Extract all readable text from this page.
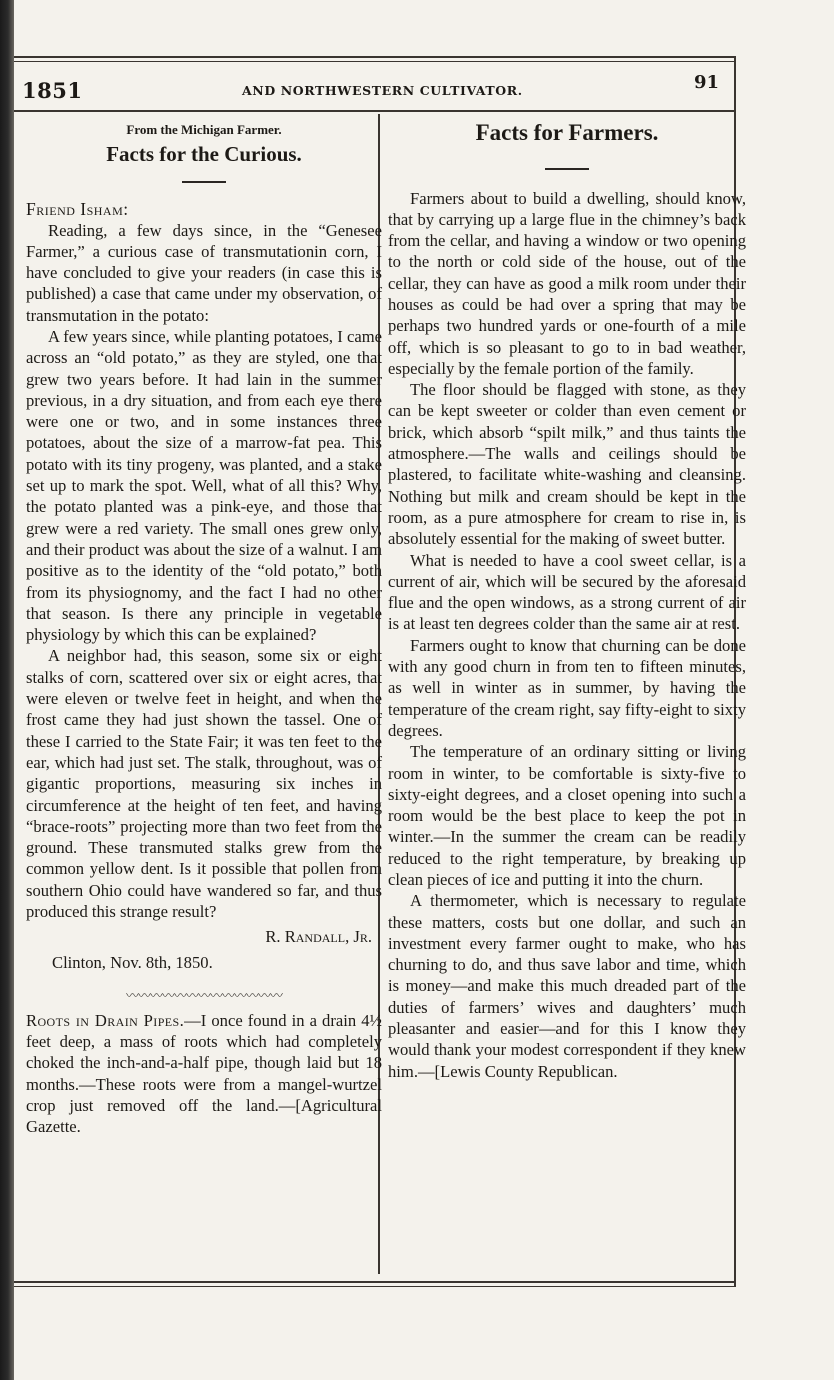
1851	AND NORTHWESTERN CULTIVATOR.	91
From the Michigan Farmer.
Facts for the Curious.
Friend Isham:

Reading, a few days since, in the “Genesee Farmer,” a curious case of transmutationin corn, I have concluded to give your readers (in case this is published) a case that came under my observation, of transmutation in the potato:

A few years since, while planting potatoes, I came across an “old potato,” as they are styled, one that grew two years before. It had lain in the summer previous, in a dry situation, and from each eye there were one or two, and in some instances three potatoes, about the size of a marrow-fat pea. This potato with its tiny progeny, was planted, and a stake set up to mark the spot. Well, what of all this? Why, the potato planted was a pink-eye, and those that grew were a red variety. The small ones grew only, and their product was about the size of a walnut. I am positive as to the identity of the “old potato,” both from its physiognomy, and the fact I had no other that season. Is there any principle in vegetable physiology by which this can be explained?

A neighbor had, this season, some six or eight stalks of corn, scattered over six or eight acres, that were eleven or twelve feet in height, and when the frost came they had just shown the tassel. One of these I carried to the State Fair; it was ten feet to the ear, which had just set. The stalk, throughout, was of gigantic proportions, measuring six inches in circumference at the height of ten feet, and having “brace-roots” projecting more than two feet from the ground. These transmuted stalks grew from the common yellow dent. Is it possible that pollen from southern Ohio could have wandered so far, and thus produced this strange result?

R. Randall, Jr.
Clinton, Nov. 8th, 1850.
〰〰〰〰〰〰〰〰〰〰〰〰〰

Roots in Drain Pipes.—I once found in a drain 4½ feet deep, a mass of roots which had completely choked the inch-and-a-half pipe, though laid but 18 months.—These roots were from a mangel-wurtzel crop just removed off the land.—[Agricultural Gazette.

Facts for Farmers.

Farmers about to build a dwelling, should know, that by carrying up a large flue in the chimney’s back from the cellar, and having a window or two opening to the north or cold side of the house, out of the cellar, they can have as good a milk room under their houses as could be had over a spring that may be perhaps two hundred yards or one-fourth of a mile off, which is so pleasant to go to in bad weather, especially by the female portion of the family.

The floor should be flagged with stone, as they can be kept sweeter or colder than even cement or brick, which absorb “spilt milk,” and thus taints the atmosphere.—The walls and ceilings should be plastered, to facilitate white-washing and cleansing. Nothing but milk and cream should be kept in the room, as a pure atmosphere for cream to rise in, is absolutely essential for the making of sweet butter.

What is needed to have a cool sweet cellar, is a current of air, which will be secured by the aforesaid flue and the open windows, as a strong current of air is at least ten degrees colder than the same air at rest.

Farmers ought to know that churning can be done with any good churn in from ten to fifteen minutes, as well in winter as in summer, by having the temperature of the cream right, say fifty-eight to sixty degrees.

The temperature of an ordinary sitting or living room in winter, to be comfortable is sixty-five to sixty-eight degrees, and a closet opening into such a room would be the best place to keep the pot in winter.—In the summer the cream can be readily reduced to the right temperature, by breaking up clean pieces of ice and putting it into the churn.

A thermometer, which is necessary to regulate these matters, costs but one dollar, and such an investment every farmer ought to make, who has churning to do, and thus save labor and time, which is money—and make this much dreaded part of the duties of farmers’ wives and daughters’ much pleasanter and easier—and for this I know they would thank your modest correspondent if they knew him.—[Lewis County Republican.
